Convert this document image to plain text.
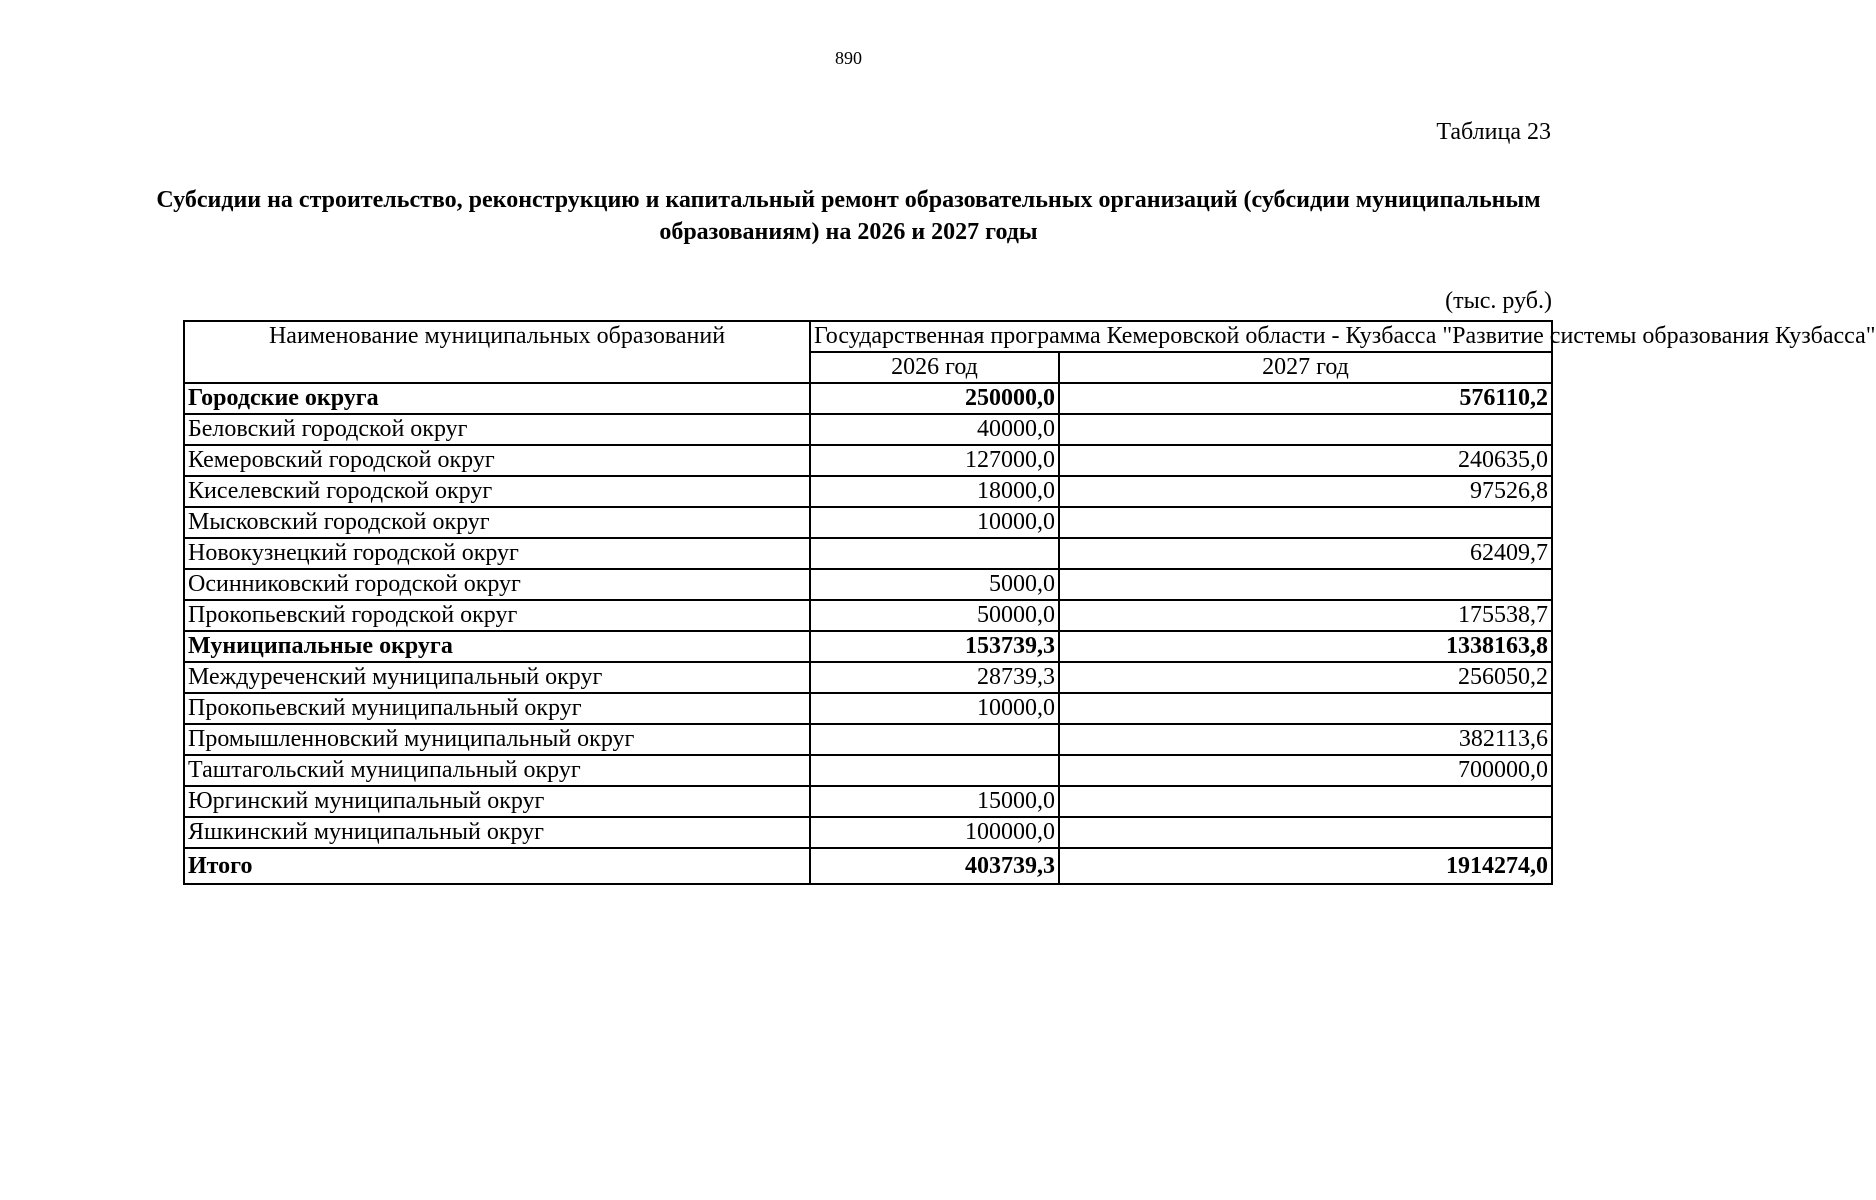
890
Таблица 23
Субсидии на строительство, реконструкцию и капитальный ремонт образовательных организаций (субсидии муниципальным образованиям) на 2026 и 2027 годы
(тыс. руб.)
Наименование муниципальных образований	Государственная программа Кемеровской области - Кузбасса "Развитие системы образования Кузбасса"	
	2026 год	2027 год
Городские округа	250000,0	576110,2
Беловский городской округ	40000,0	
Кемеровский городской округ	127000,0	240635,0
Киселевский городской округ	18000,0	97526,8
Мысковский городской округ	10000,0	
Новокузнецкий городской округ		62409,7
Осинниковский городской округ	5000,0	
Прокопьевский городской округ	50000,0	175538,7
Муниципальные округа	153739,3	1338163,8
Междуреченский муниципальный округ	28739,3	256050,2
Прокопьевский муниципальный округ	10000,0	
Промышленновский муниципальный округ		382113,6
Таштагольский муниципальный округ		700000,0
Юргинский муниципальный округ	15000,0	
Яшкинский муниципальный округ	100000,0	
Итого	403739,3	1914274,0
